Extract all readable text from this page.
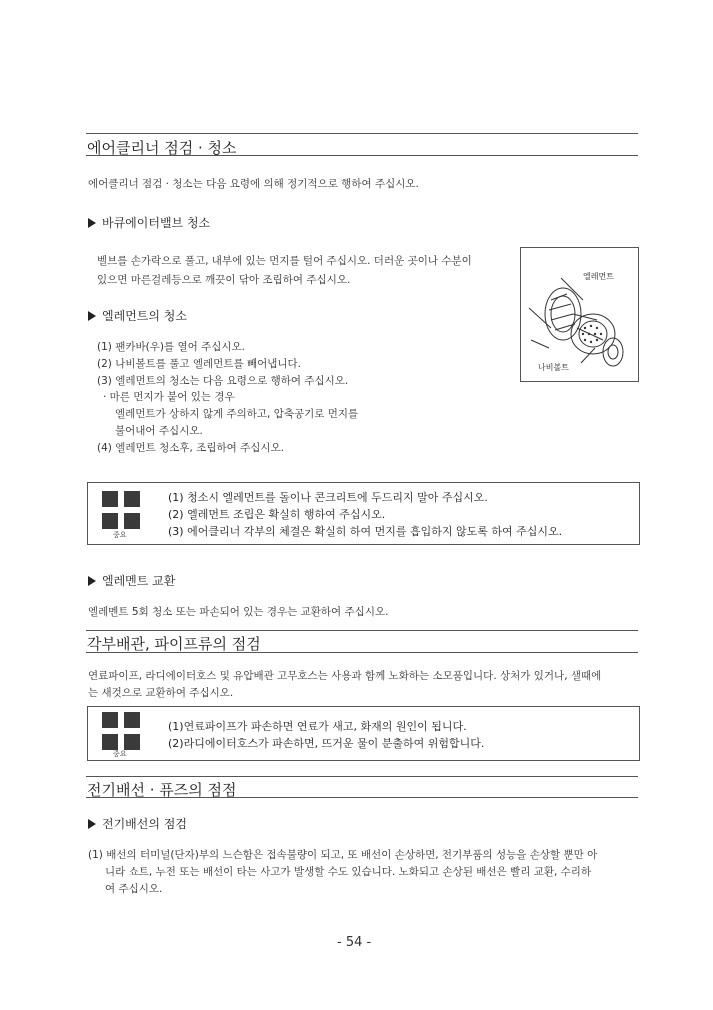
에어클리너 점검 · 청소
에어클리너 점검 · 청소는 다음 요령에 의해 정기적으로 행하여 주십시오.
바큐에이터밸브 청소
벨브를 손가락으로 풀고, 내부에 있는 먼지를 털어 주십시오. 더러운 곳이나 수분이
있으면 마른걸레등으로 깨끗이 닦아 조립하여 주십시오.
엘레먼트의 청소
(1) 팬카바(우)를 열어 주십시오.
(2) 나비볼트를 풀고 엘레먼트를 빼어냅니다.
(3) 엘레먼트의 청소는 다음 요령으로 행하여 주십시오.
· 마른 먼지가 붙어 있는 경우
엘레먼트가 상하지 않게 주의하고, 압축공기로 먼지를
불어내어 주십시오.
(4) 엘레먼트 청소후, 조립하여 주십시오.
엘레먼트
나비볼트
중요
(1) 청소시 엘레먼트를 돌이나 콘크리트에 두드리지 말아 주십시오.
(2) 엘레먼트 조립은 확실히 행하여 주십시오.
(3) 에어클리너 각부의 체결은 확실히 하여 먼지를 흡입하지 않도록 하여 주십시오.
엘레멘트 교환
엘레멘트 5회 청소 또는 파손되어 있는 경우는 교환하여 주십시오.
각부배관, 파이프류의 점검
연료파이프, 라디에이터호스 및 유압배관 고무호스는 사용과 함께 노화하는 소모품입니다. 상처가 있거나, 샐때에
는 새것으로 교환하여 주십시오.
중요
(1)연료파이프가 파손하면 연료가 새고, 화재의 원인이 됩니다.
(2)라디에이터호스가 파손하면, 뜨거운 물이 분출하여 위험합니다.
전기배선 · 퓨즈의 점점
전기배선의 점검
(1) 배선의 터미널(단자)부의 느슨함은 접속불량이 되고, 또 배선이 손상하면, 전기부품의 성능을 손상할 뿐만 아
니라 쇼트, 누전 또는 배선이 타는 사고가 발생할 수도 있습니다. 노화되고 손상된 배선은 빨리 교환, 수리하
여 주십시오.
- 54 -
